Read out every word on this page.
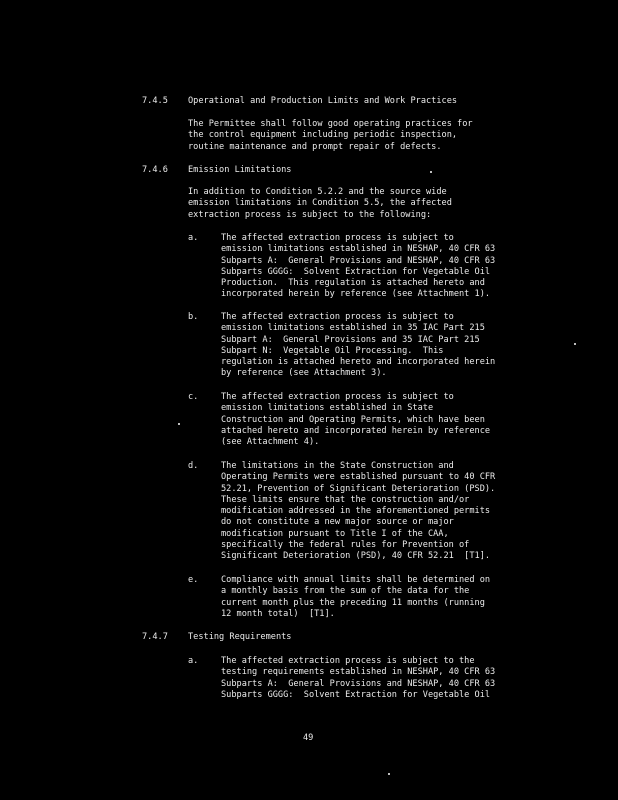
7.4.5 Operational and Production Limits and Work Practices
The Permittee shall follow good operating practices for
the control equipment including periodic inspection,
routine maintenance and prompt repair of defects.
7.4.6 Emission Limitations
In addition to Condition 5.2.2 and the source wide
emission limitations in Condition 5.5, the affected
extraction process is subject to the following:
a.	The affected extraction process is subject to
emission limitations established in NESHAP, 40 CFR 63
Subparts A:  General Provisions and NESHAP, 40 CFR 63
Subparts GGGG:  Solvent Extraction for Vegetable Oil
Production.  This regulation is attached hereto and
incorporated herein by reference (see Attachment 1).
b.	The affected extraction process is subject to
emission limitations established in 35 IAC Part 215
Subpart A:  General Provisions and 35 IAC Part 215
Subpart N:  Vegetable Oil Processing.  This
regulation is attached hereto and incorporated herein
by reference (see Attachment 3).
c.	The affected extraction process is subject to
emission limitations established in State
Construction and Operating Permits, which have been
attached hereto and incorporated herein by reference
(see Attachment 4).
d.	The limitations in the State Construction and
Operating Permits were established pursuant to 40 CFR
52.21, Prevention of Significant Deterioration (PSD).
These limits ensure that the construction and/or
modification addressed in the aforementioned permits
do not constitute a new major source or major
modification pursuant to Title I of the CAA,
specifically the federal rules for Prevention of
Significant Deterioration (PSD), 40 CFR 52.21  [T1].
e.	Compliance with annual limits shall be determined on
a monthly basis from the sum of the data for the
current month plus the preceding 11 months (running
12 month total)  [T1].
7.4.7 Testing Requirements
a.	The affected extraction process is subject to the
testing requirements established in NESHAP, 40 CFR 63
Subparts A:  General Provisions and NESHAP, 40 CFR 63
Subparts GGGG:  Solvent Extraction for Vegetable Oil
49
